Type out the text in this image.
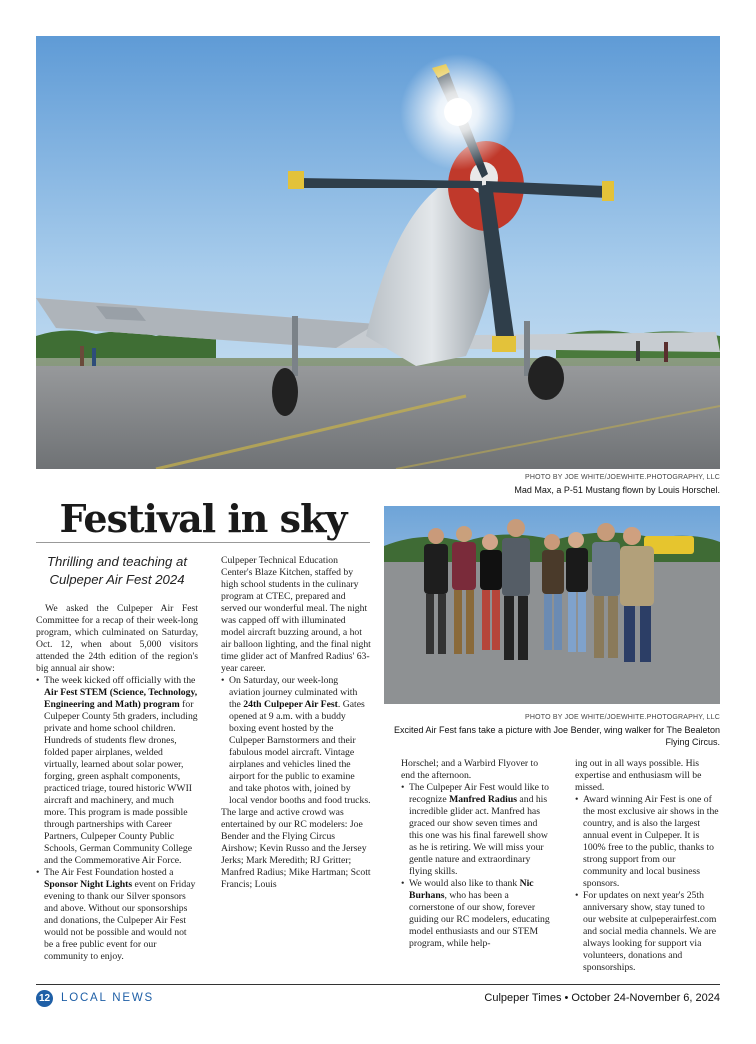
PHOTO BY JOE WHITE/JOEWHITE.PHOTOGRAPHY, LLC
Mad Max, a P-51 Mustang flown by Louis Horschel.
Festival in sky
Thrilling and teaching at Culpeper Air Fest 2024

We asked the Culpeper Air Fest Committee for a recap of their week-long program, which culminated on Saturday, Oct. 12, when about 5,000 visitors attended the 24th edition of the region's big annual air show:

• The week kicked off officially with the Air Fest STEM (Science, Technology, Engineering and Math) program for Culpeper County 5th graders, including private and home school children. Hundreds of students flew drones, folded paper airplanes, welded virtually, learned about solar power, forging, green asphalt components, practiced triage, toured historic WWII aircraft and machinery, and much more. This program is made possible through partnerships with Career Partners, Culpeper County Public Schools, German Community College and the Commemorative Air Force.
• The Air Fest Foundation hosted a Sponsor Night Lights event on Friday evening to thank our Silver sponsors and above. Without our sponsorships and donations, the Culpeper Air Fest would not be possible and would not be a free public event for our community to enjoy.

Culpeper Technical Education Center's Blaze Kitchen, staffed by high school students in the culinary program at CTEC, prepared and served our wonderful meal. The night was capped off with illuminated model aircraft buzzing around, a hot air balloon lighting, and the final night time glider act of Manfred Radius' 63-year career.

• On Saturday, our week-long aviation journey culminated with the 24th Culpeper Air Fest. Gates opened at 9 a.m. with a buddy boxing event hosted by the Culpeper Barnstormers and their fabulous model aircraft. Vintage airplanes and vehicles lined the airport for the public to examine and take photos with, joined by local vendor booths and food trucks.

The large and active crowd was entertained by our RC modelers: Joe Bender and the Flying Circus Airshow; Kevin Russo and the Jersey Jerks; Mark Meredith; RJ Gritter; Manfred Radius; Mike Hartman; Scott Francis; Louis

PHOTO BY JOE WHITE/JOEWHITE.PHOTOGRAPHY, LLC
Excited Air Fest fans take a picture with Joe Bender, wing walker for The Bealeton Flying Circus.

Horschel; and a Warbird Flyover to end the afternoon.

• The Culpeper Air Fest would like to recognize Manfred Radius and his incredible glider act. Manfred has graced our show seven times and this one was his final farewell show as he is retiring. We will miss your gentle nature and extraordinary flying skills.
• We would also like to thank Nic Burhans, who has been a cornerstone of our show, forever guiding our RC modelers, educating model enthusiasts and our STEM program, while help-

ing out in all ways possible. His expertise and enthusiasm will be missed.

• Award winning Air Fest is one of the most exclusive air shows in the country, and is also the largest annual event in Culpeper. It is 100% free to the public, thanks to strong support from our community and local business sponsors.
• For updates on next year's 25th anniversary show, stay tuned to our website at culpeperairfest.com and social media channels. We are always looking for support via volunteers, donations and sponsorships.
12 LOCAL NEWS	Culpeper Times • October 24-November 6, 2024
